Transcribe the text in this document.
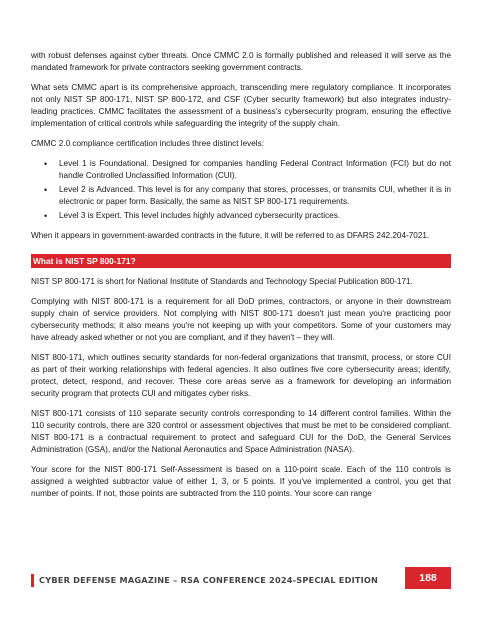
with robust defenses against cyber threats. Once CMMC 2.0 is formally published and released it will serve as the mandated framework for private contractors seeking government contracts.

What sets CMMC apart is its comprehensive approach, transcending mere regulatory compliance. It incorporates not only NIST SP 800-171, NIST SP 800-172, and CSF (Cyber security framework) but also integrates industry-leading practices. CMMC facilitates the assessment of a business's cybersecurity program, ensuring the effective implementation of critical controls while safeguarding the integrity of the supply chain.

CMMC 2.0 compliance certification includes three distinct levels:

• Level 1 is Foundational. Designed for companies handling Federal Contract Information (FCI) but do not handle Controlled Unclassified Information (CUI).
• Level 2 is Advanced. This level is for any company that stores, processes, or transmits CUI, whether it is in electronic or paper form. Basically, the same as NIST SP 800-171 requirements.
• Level 3 is Expert. This level includes highly advanced cybersecurity practices.

When it appears in government-awarded contracts in the future, it will be referred to as DFARS 242.204-7021.

What is NIST SP 800-171?

NIST SP 800-171 is short for National Institute of Standards and Technology Special Publication 800-171.

Complying with NIST 800-171 is a requirement for all DoD primes, contractors, or anyone in their downstream supply chain of service providers. Not complying with NIST 800-171 doesn't just mean you're practicing poor cybersecurity methods; it also means you're not keeping up with your competitors. Some of your customers may have already asked whether or not you are compliant, and if they haven't – they will.

NIST 800-171, which outlines security standards for non-federal organizations that transmit, process, or store CUI as part of their working relationships with federal agencies. It also outlines five core cybersecurity areas; identify, protect, detect, respond, and recover. These core areas serve as a framework for developing an information security program that protects CUI and mitigates cyber risks.

NIST 800-171 consists of 110 separate security controls corresponding to 14 different control families. Within the 110 security controls, there are 320 control or assessment objectives that must be met to be considered compliant. NIST 800-171 is a contractual requirement to protect and safeguard CUI for the DoD, the General Services Administration (GSA), and/or the National Aeronautics and Space Administration (NASA).

Your score for the NIST 800-171 Self-Assessment is based on a 110-point scale. Each of the 110 controls is assigned a weighted subtractor value of either 1, 3, or 5 points. If you've implemented a control, you get that number of points. If not, those points are subtracted from the 110 points. Your score can range

CYBER DEFENSE MAGAZINE – RSA CONFERENCE 2024-SPECIAL EDITION	188
